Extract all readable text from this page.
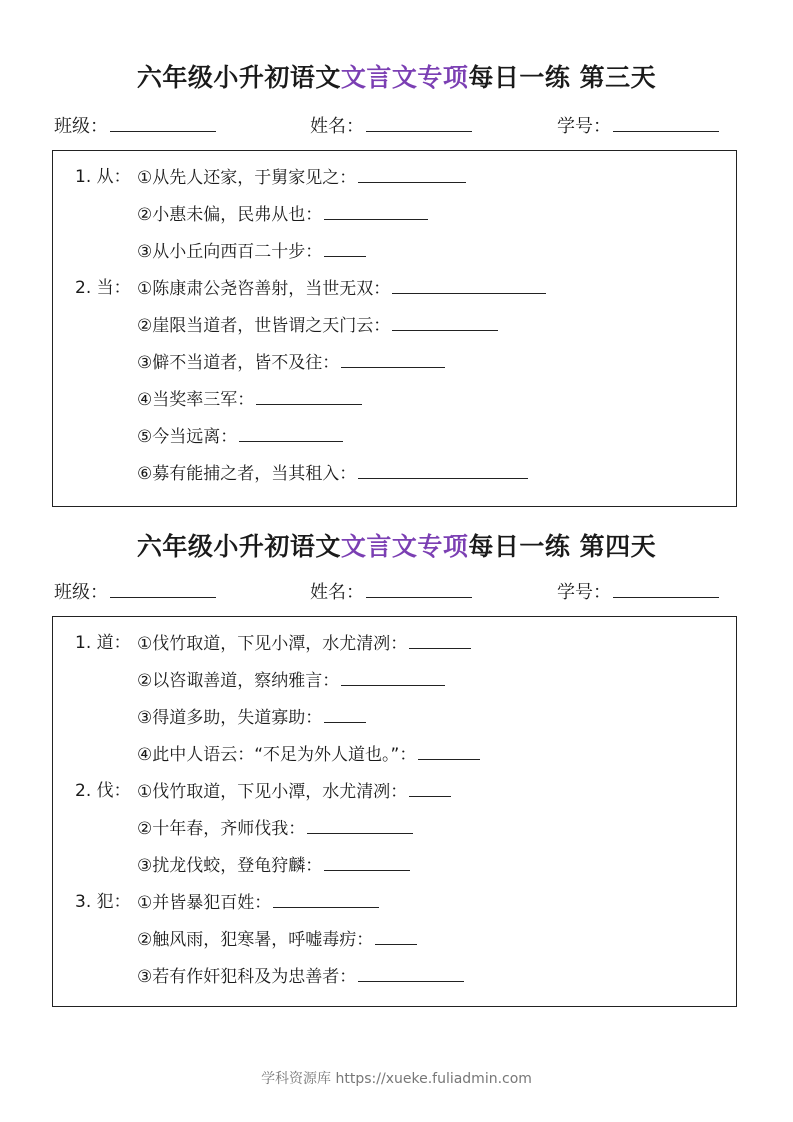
六年级小升初语文文言文专项每日一练 第三天
班级：	姓名：	学号：
1. 从： ①从先人还家，于舅家见之：
②小惠未偏，民弗从也：
③从小丘向西百二十步：
2. 当： ①陈康肃公尧咨善射，当世无双：
②崖限当道者，世皆谓之天门云：
③僻不当道者，皆不及往：
④当奖率三军：
⑤今当远离：
⑥募有能捕之者，当其租入：
六年级小升初语文文言文专项每日一练 第四天
班级：	姓名：	学号：
1. 道： ①伐竹取道，下见小潭，水尤清冽：
②以咨诹善道，察纳雅言：
③得道多助，失道寡助：
④此中人语云：“不足为外人道也。”：
2. 伐： ①伐竹取道，下见小潭，水尤清冽：
②十年春，齐师伐我：
③扰龙伐蛟，登龟狩麟：
3. 犯： ①并皆暴犯百姓：
②触风雨，犯寒暑，呼嘘毒疠：
③若有作奸犯科及为忠善者：
学科资源库 https://xueke.fuliadmin.com
